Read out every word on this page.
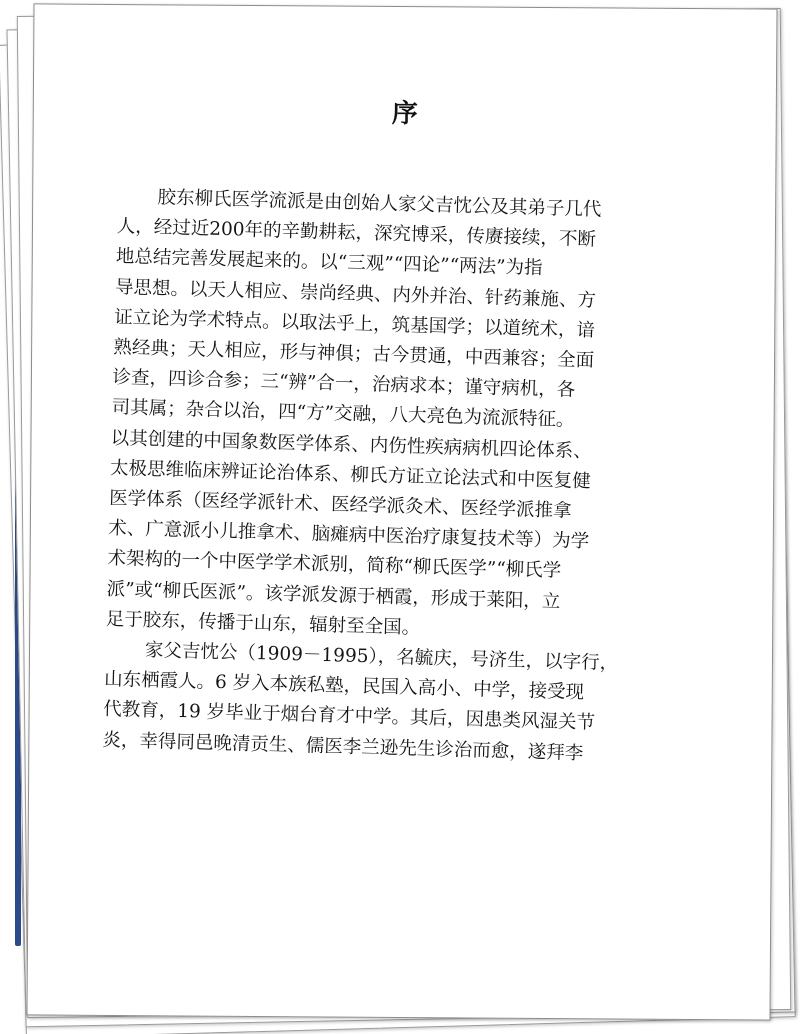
序
胶东柳氏医学流派是由创始人家父吉忱公及其弟子几代
人，经过近200年的辛勤耕耘，深究博采，传赓接续，不断
地总结完善发展起来的。以“三观”“四论”“两法”为指
导思想。以天人相应、崇尚经典、内外并治、针药兼施、方
证立论为学术特点。以取法乎上，筑基国学；以道统术，谙
熟经典；天人相应，形与神俱；古今贯通，中西兼容；全面
诊查，四诊合参；三“辨”合一，治病求本；谨守病机，各
司其属；杂合以治，四“方”交融，八大亮色为流派特征。
以其创建的中国象数医学体系、内伤性疾病病机四论体系、
太极思维临床辨证论治体系、柳氏方证立论法式和中医复健
医学体系（医经学派针术、医经学派灸术、医经学派推拿
术、广意派小儿推拿术、脑瘫病中医治疗康复技术等）为学
术架构的一个中医学学术派别，简称“柳氏医学”“柳氏学
派”或“柳氏医派”。该学派发源于栖霞，形成于莱阳，立
足于胶东，传播于山东，辐射至全国。
家父吉忱公（1909－1995），名毓庆，号济生，以字行，
山东栖霞人。6 岁入本族私塾，民国入高小、中学，接受现
代教育，19 岁毕业于烟台育才中学。其后，因患类风湿关节
炎，幸得同邑晚清贡生、儒医李兰逊先生诊治而愈，遂拜李
